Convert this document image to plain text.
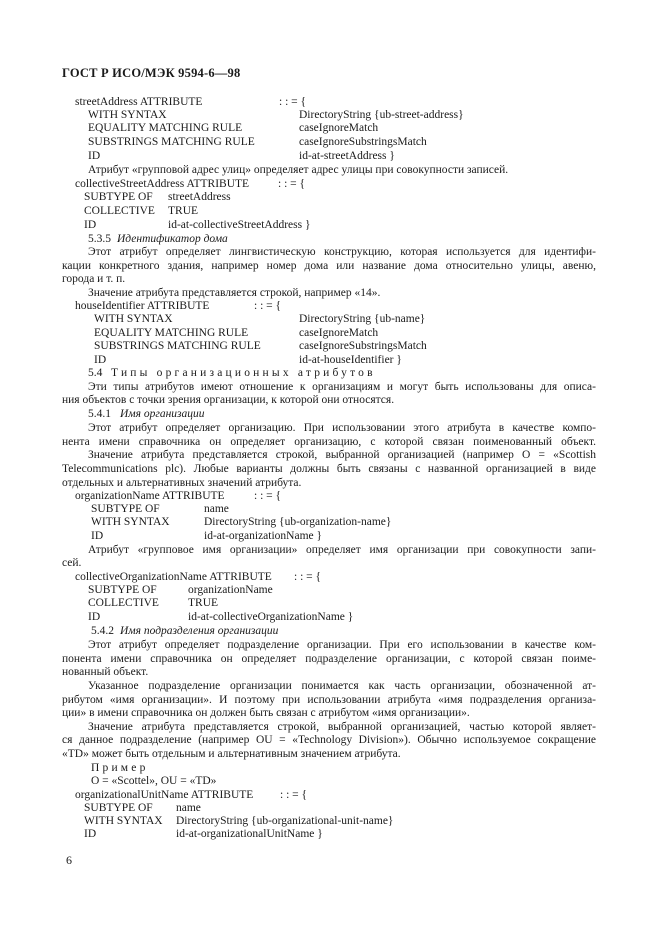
ГОСТ Р ИСО/МЭК 9594-6—98
streetAddress ATTRIBUTE	: : = {
WITH SYNTAX	DirectoryString {ub-street-address}
EQUALITY MATCHING RULE	caseIgnoreMatch
SUBSTRINGS MATCHING RULE	caseIgnoreSubstringsMatch
ID	id-at-streetAddress }
Атрибут «групповой адрес улиц» определяет адрес улицы при совокупности записей.
collectiveStreetAddress ATTRIBUTE	: : = {
SUBTYPE OF streetAddress
COLLECTIVE TRUE
ID	id-at-collectiveStreetAddress }
5.3.5 Идентификатор дома
Этот атрибут определяет лингвистическую конструкцию, которая используется для идентифи-
кации конкретного здания, например номер дома или название дома относительно улицы, авеню,
города и т. п.
Значение атрибута представляется строкой, например «14».
houseIdentifier ATTRIBUTE	: : = {
WITH SYNTAX	DirectoryString {ub-name}
EQUALITY MATCHING RULE	caseIgnoreMatch
SUBSTRINGS MATCHING RULE	caseIgnoreSubstringsMatch
ID	id-at-houseIdentifier }
5.4 Типы организационных атрибутов
Эти типы атрибутов имеют отношение к организациям и могут быть использованы для описа-
ния объектов с точки зрения организации, к которой они относятся.
5.4.1 Имя организации
Этот атрибут определяет организацию. При использовании этого атрибута в качестве компо-
нента имени справочника он определяет организацию, с которой связан поименованный объект.
Значение атрибута представляется строкой, выбранной организацией (например O = «Scottish
Telecommunications plc). Любые варианты должны быть связаны с названной организацией в виде
отдельных и альтернативных значений атрибута.
organizationName ATTRIBUTE	: : = {
SUBTYPE OF	name
WITH SYNTAX	DirectoryString {ub-organization-name}
ID	id-at-organizationName }
Атрибут «групповое имя организации» определяет имя организации при совокупности запи-
сей.
collectiveOrganizationName ATTRIBUTE : : = {
SUBTYPE OF	organizationName
COLLECTIVE	TRUE
ID	id-at-collectiveOrganizationName }
5.4.2 Имя подразделения организации
Этот атрибут определяет подразделение организации. При его использовании в качестве ком-
понента имени справочника он определяет подразделение организации, с которой связан поиме-
нованный объект.
Указанное подразделение организации понимается как часть организации, обозначенной ат-
рибутом «имя организации». И поэтому при использовании атрибута «имя подразделения организа-
ции» в имени справочника он должен быть связан с атрибутом «имя организации».
Значение атрибута представляется строкой, выбранной организацией, частью которой являет-
ся данное подразделение (например OU = «Technology Division»). Обычно используемое сокращение
«TD» может быть отдельным и альтернативным значением атрибута.
Пример
O = «Scottel», OU = «TD»
organizationalUnitName ATTRIBUTE : : = {
SUBTYPE OF name
WITH SYNTAX DirectoryString {ub-organizational-unit-name}
ID	id-at-organizationalUnitName }
6
